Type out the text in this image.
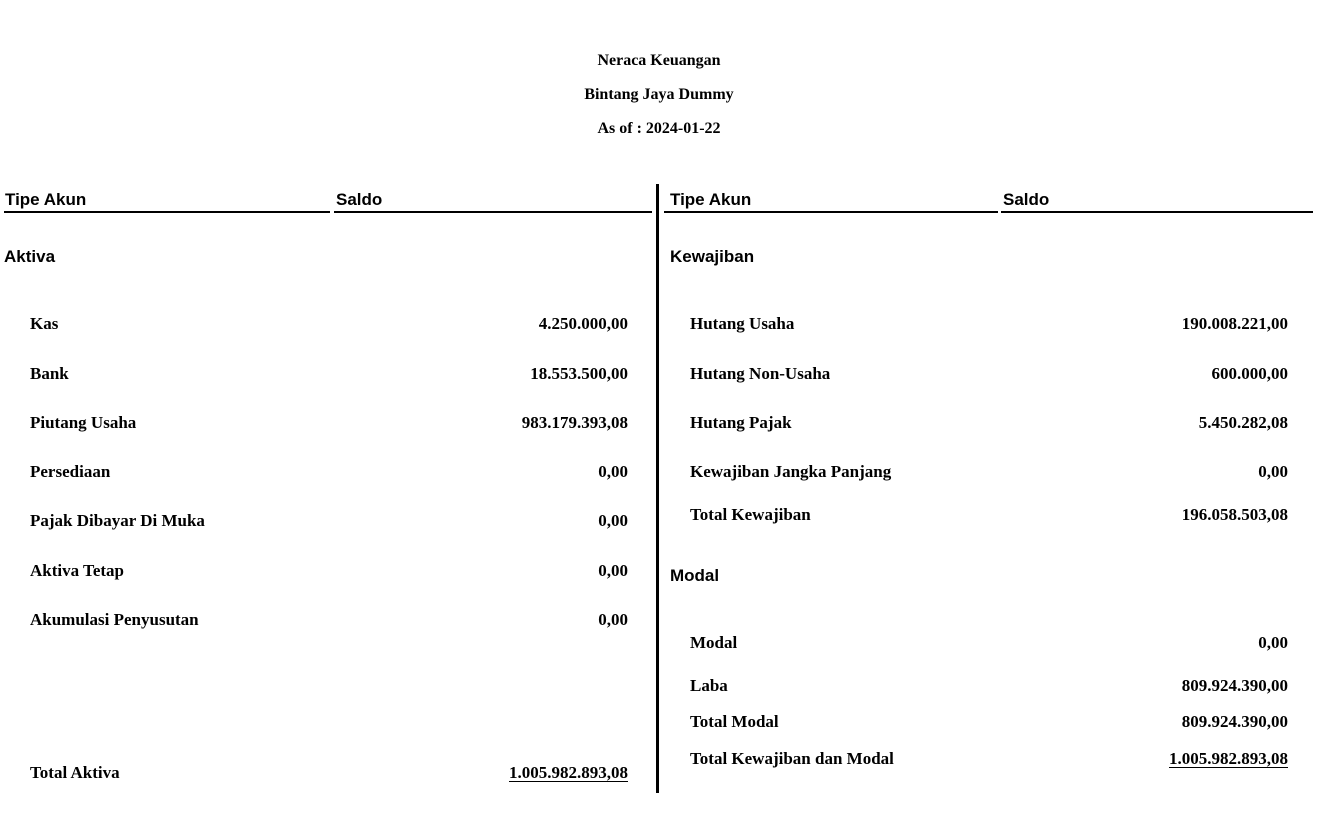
Neraca Keuangan
Bintang Jaya Dummy
As of : 2024-01-22
Tipe Akun	Saldo	Tipe Akun	Saldo
Aktiva
Kas	4.250.000,00
Bank	18.553.500,00
Piutang Usaha	983.179.393,08
Persediaan	0,00
Pajak Dibayar Di Muka	0,00
Aktiva Tetap	0,00
Akumulasi Penyusutan	0,00
Total Aktiva	1.005.982.893,08
Kewajiban
Hutang Usaha	190.008.221,00
Hutang Non-Usaha	600.000,00
Hutang Pajak	5.450.282,08
Kewajiban Jangka Panjang	0,00
Total Kewajiban	196.058.503,08
Modal
Modal	0,00
Laba	809.924.390,00
Total Modal	809.924.390,00
Total Kewajiban dan Modal	1.005.982.893,08
